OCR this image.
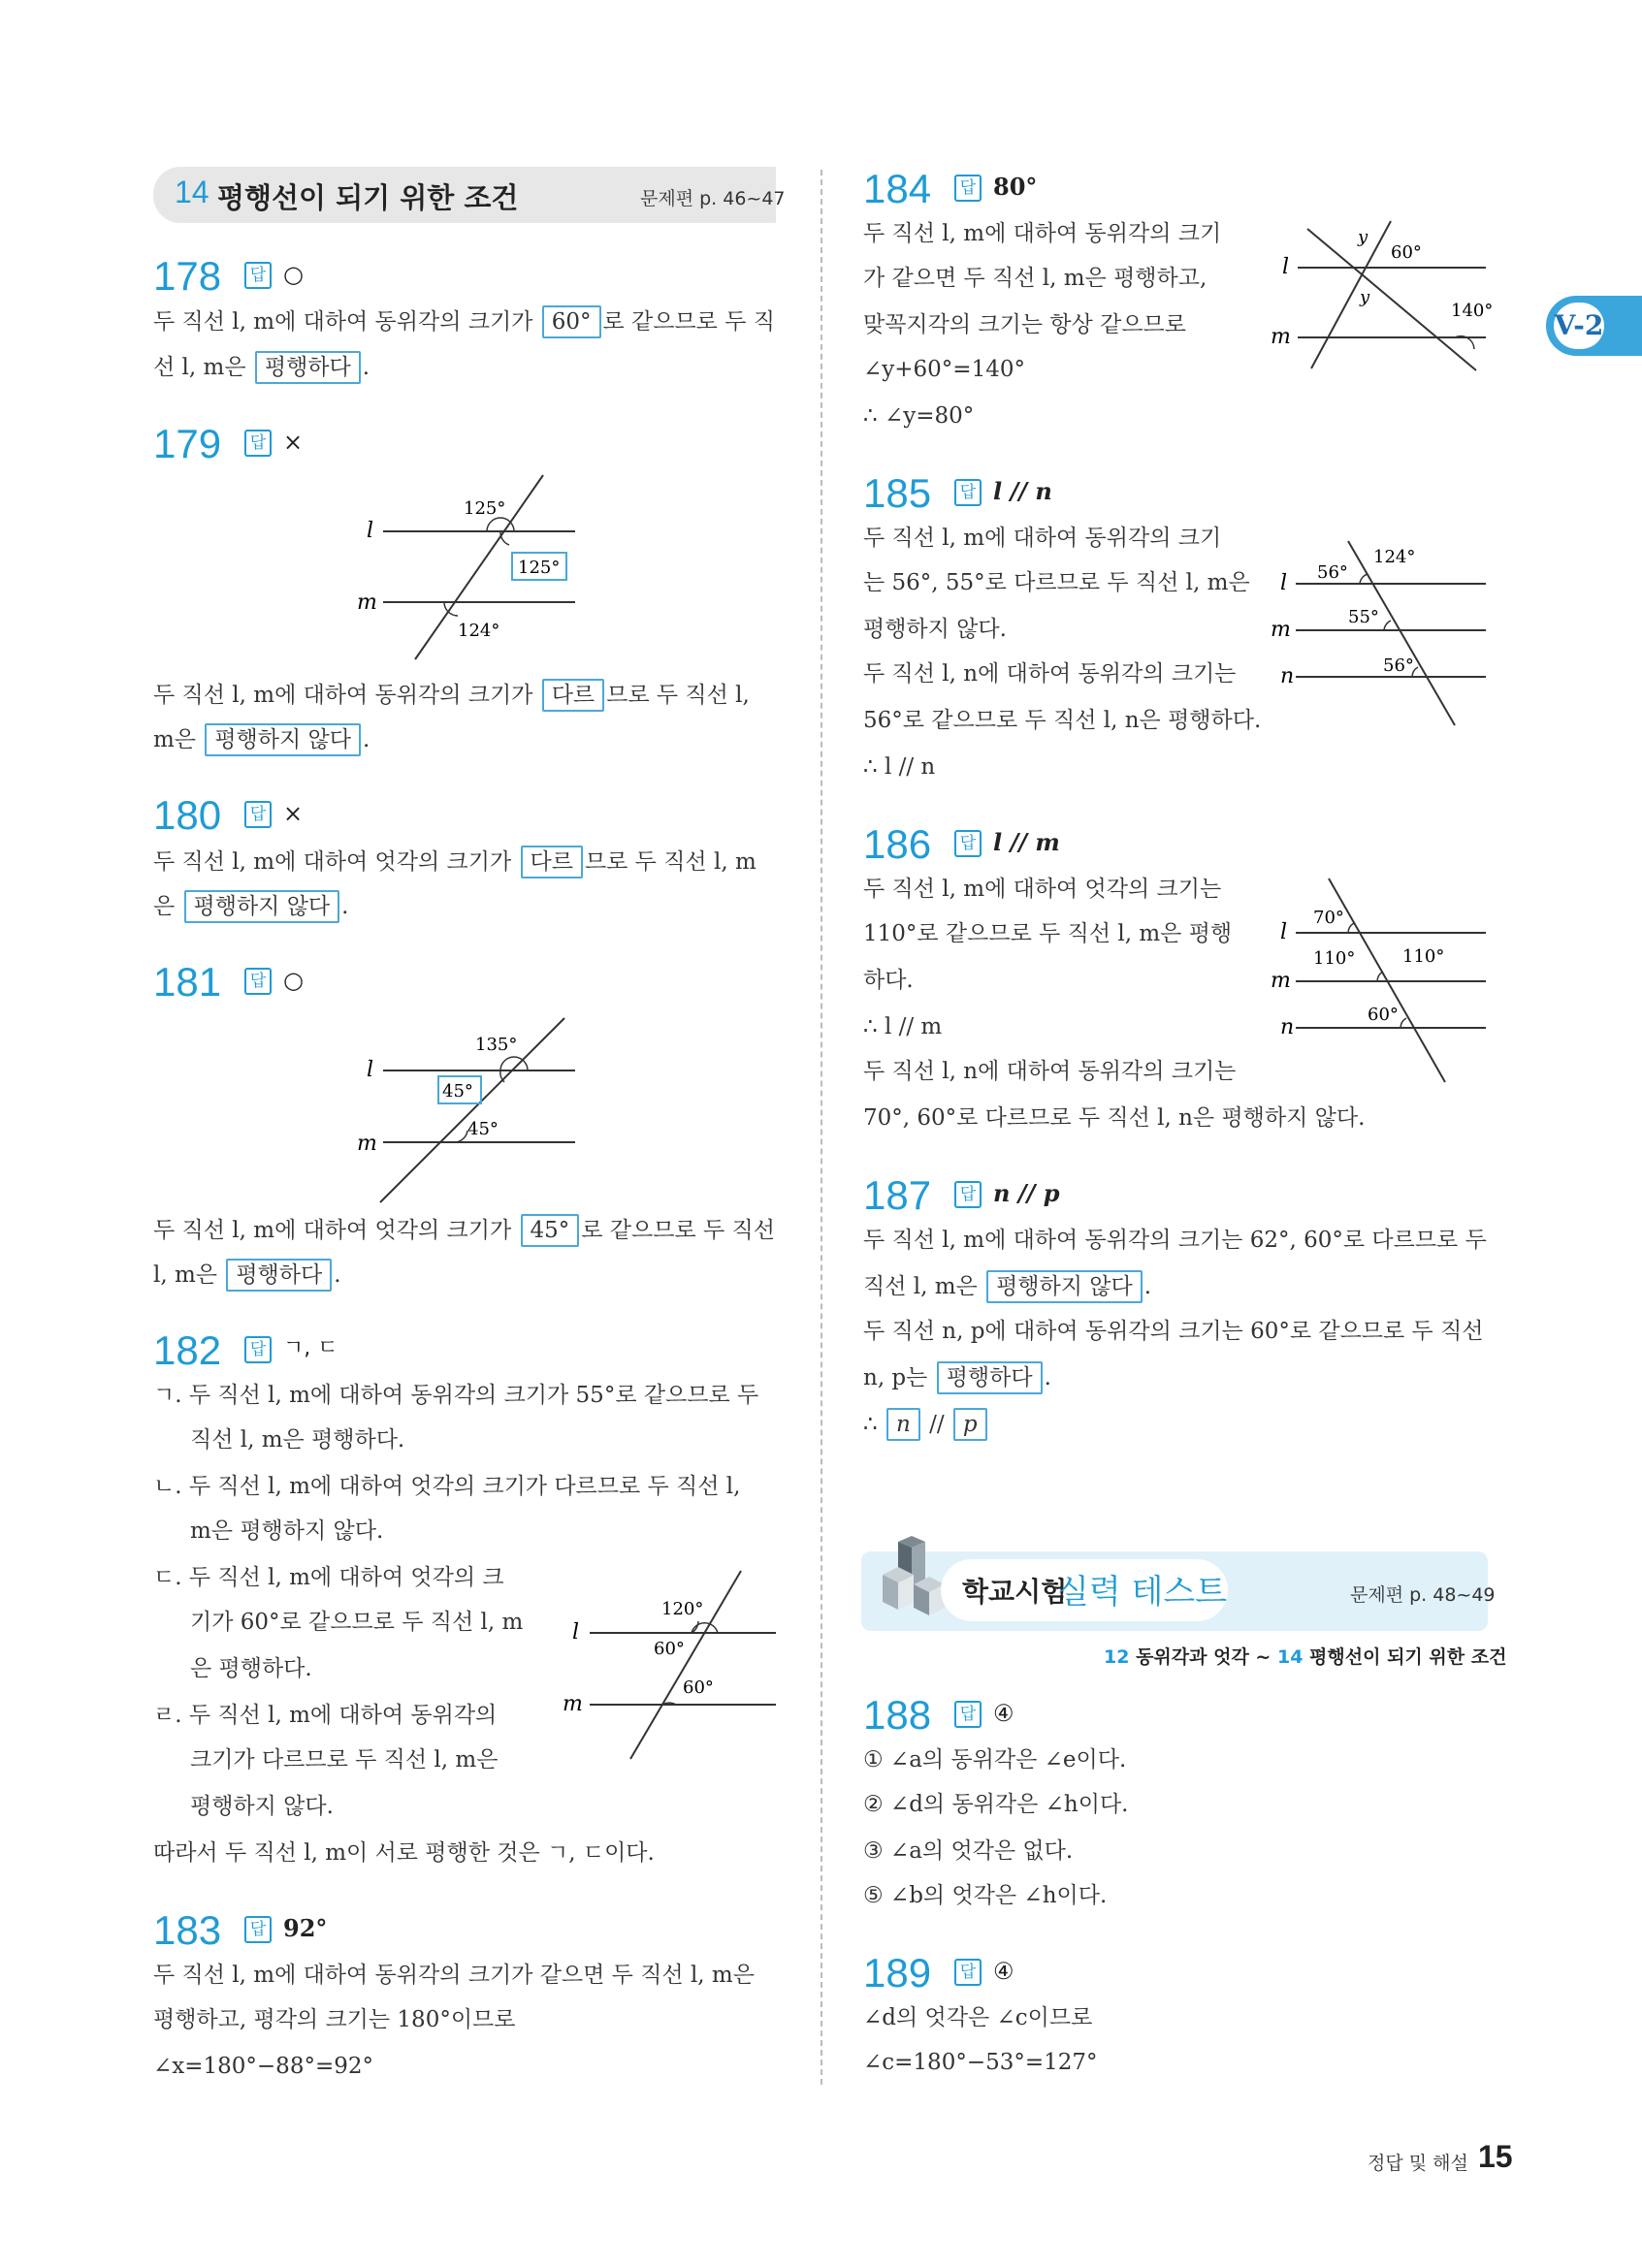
14 평행선이 되기 위한 조건	문제편 p. 46~47
V-2
178	답 ○
두 직선 l, m에 대하여 동위각의 크기가 60° 로 같으므로 두 직
선 l, m은 평행하다 .
179	답 ×
l
m
125°
125°
124°
두 직선 l, m에 대하여 동위각의 크기가 다르 므로 두 직선 l,
m은 평행하지 않다 .
180	답 ×
두 직선 l, m에 대하여 엇각의 크기가 다르 므로 두 직선 l, m
은 평행하지 않다 .
181	답 ○
l
m
135°
45°
45°
두 직선 l, m에 대하여 엇각의 크기가 45° 로 같으므로 두 직선
l, m은 평행하다 .
182	답 ㄱ, ㄷ
ㄱ. 두 직선 l, m에 대하여 동위각의 크기가 55°로 같으므로 두
직선 l, m은 평행하다.
ㄴ. 두 직선 l, m에 대하여 엇각의 크기가 다르므로 두 직선 l,
m은 평행하지 않다.
ㄷ. 두 직선 l, m에 대하여 엇각의 크
기가 60°로 같으므로 두 직선 l, m
은 평행하다.
ㄹ. 두 직선 l, m에 대하여 동위각의
크기가 다르므로 두 직선 l, m은
평행하지 않다.
따라서 두 직선 l, m이 서로 평행한 것은 ㄱ, ㄷ이다.
l
m
120°
60°
60°
183	답 92°
두 직선 l, m에 대하여 동위각의 크기가 같으면 두 직선 l, m은
평행하고, 평각의 크기는 180°이므로
∠x=180°−88°=92°
184	답 80°
두 직선 l, m에 대하여 동위각의 크기
가 같으면 두 직선 l, m은 평행하고,
맞꼭지각의 크기는 항상 같으므로
∠y+60°=140°
∴ ∠y=80°
l
m
y
60°
y
140°
185	답 l // n
두 직선 l, m에 대하여 동위각의 크기
는 56°, 55°로 다르므로 두 직선 l, m은
평행하지 않다.
두 직선 l, n에 대하여 동위각의 크기는
56°로 같으므로 두 직선 l, n은 평행하다.
∴ l // n
l
m
n
56°
124°
55°
56°
186	답 l // m
두 직선 l, m에 대하여 엇각의 크기는
110°로 같으므로 두 직선 l, m은 평행
하다.
∴ l // m
두 직선 l, n에 대하여 동위각의 크기는
70°, 60°로 다르므로 두 직선 l, n은 평행하지 않다.
l
m
n
70°
110°	110°
60°
187	답 n // p
두 직선 l, m에 대하여 동위각의 크기는 62°, 60°로 다르므로 두
직선 l, m은 평행하지 않다 .
두 직선 n, p에 대하여 동위각의 크기는 60°로 같으므로 두 직선
n, p는 평행하다 .
∴ n // p
학교시험
실력 테스트	문제편 p. 48~49
12 동위각과 엇각 ~ 14 평행선이 되기 위한 조건
188	답 ④
① ∠a의 동위각은 ∠e이다.
② ∠d의 동위각은 ∠h이다.
③ ∠a의 엇각은 없다.
⑤ ∠b의 엇각은 ∠h이다.
189	답 ④
∠d의 엇각은 ∠c이므로
∠c=180°−53°=127°
정답 및 해설 15
